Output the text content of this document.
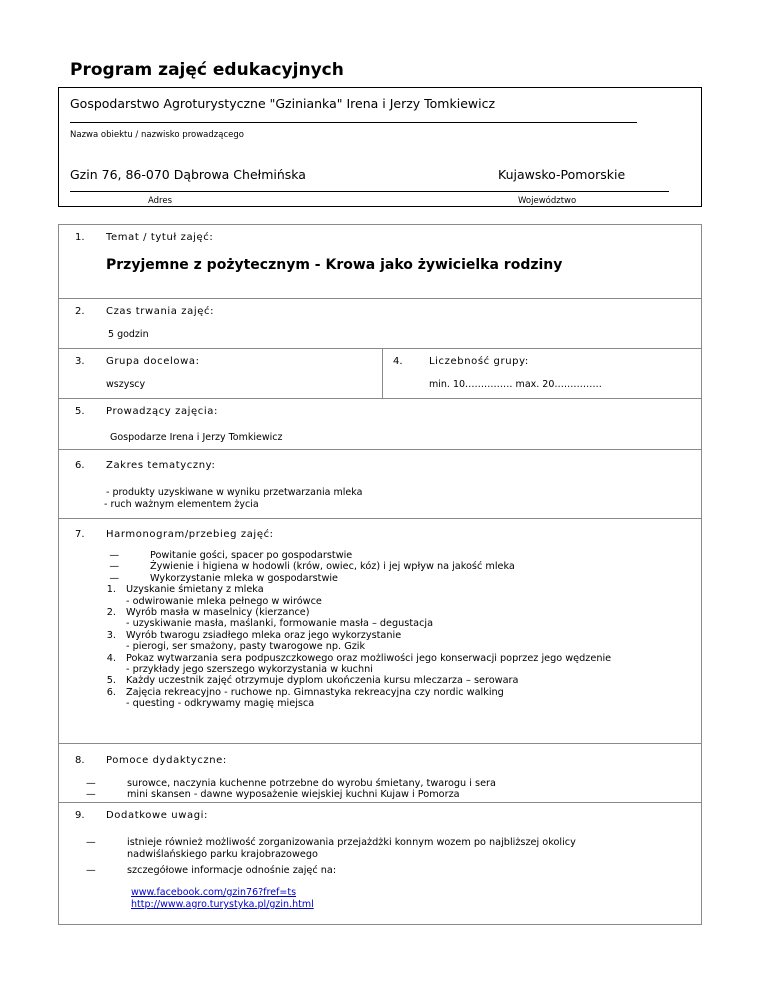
Program zajęć edukacyjnych
Gospodarstwo Agroturystyczne "Gzinianka" Irena i Jerzy Tomkiewicz
Nazwa obiektu / nazwisko prowadzącego
Gzin 76, 86-070 Dąbrowa Chełmińska	Kujawsko-Pomorskie
Adres	Województwo
1. Temat / tytuł zajęć:
Przyjemne z pożytecznym - Krowa jako żywicielka rodziny
2. Czas trwania zajęć:
5 godzin
3. Grupa docelowa:
wszyscy
4.	Liczebność grupy:
min. 10…………… max. 20……………
5. Prowadzący zajęcia:
Gospodarze Irena i Jerzy Tomkiewicz
6. Zakres tematyczny:
- produkty uzyskiwane w wyniku przetwarzania mleka
- ruch ważnym elementem życia
7. Harmonogram/przebieg zajęć:
—	Powitanie gości, spacer po gospodarstwie
—	Żywienie i higiena w hodowli (krów, owiec, kóz) i jej wpływ na jakość mleka
—	Wykorzystanie mleka w gospodarstwie
1. Uzyskanie śmietany z mleka
- odwirowanie mleka pełnego w wirówce
2. Wyrób masła w maselnicy (kierzance)
- uzyskiwanie masła, maślanki, formowanie masła – degustacja
3. Wyrób twarogu zsiadłego mleka oraz jego wykorzystanie
- pierogi, ser smażony, pasty twarogowe np. Gzik
4. Pokaz wytwarzania sera podpuszczkowego oraz możliwości jego konserwacji poprzez jego wędzenie
- przykłady jego szerszego wykorzystania w kuchni
5. Każdy uczestnik zajęć otrzymuje dyplom ukończenia kursu mleczarza – serowara
6. Zajęcia rekreacyjno - ruchowe np. Gimnastyka rekreacyjna czy nordic walking
- questing - odkrywamy magię miejsca
8. Pomoce dydaktyczne:
—	surowce, naczynia kuchenne potrzebne do wyrobu śmietany, twarogu i sera
—	mini skansen - dawne wyposażenie wiejskiej kuchni Kujaw i Pomorza
9. Dodatkowe uwagi:
—	istnieje również możliwość zorganizowania przejażdżki konnym wozem po najbliższej okolicy
nadwiślańskiego parku krajobrazowego
—	szczegółowe informacje odnośnie zajęć na:
www.facebook.com/gzin76?fref=ts
http://www.agro.turystyka.pl/gzin.html
